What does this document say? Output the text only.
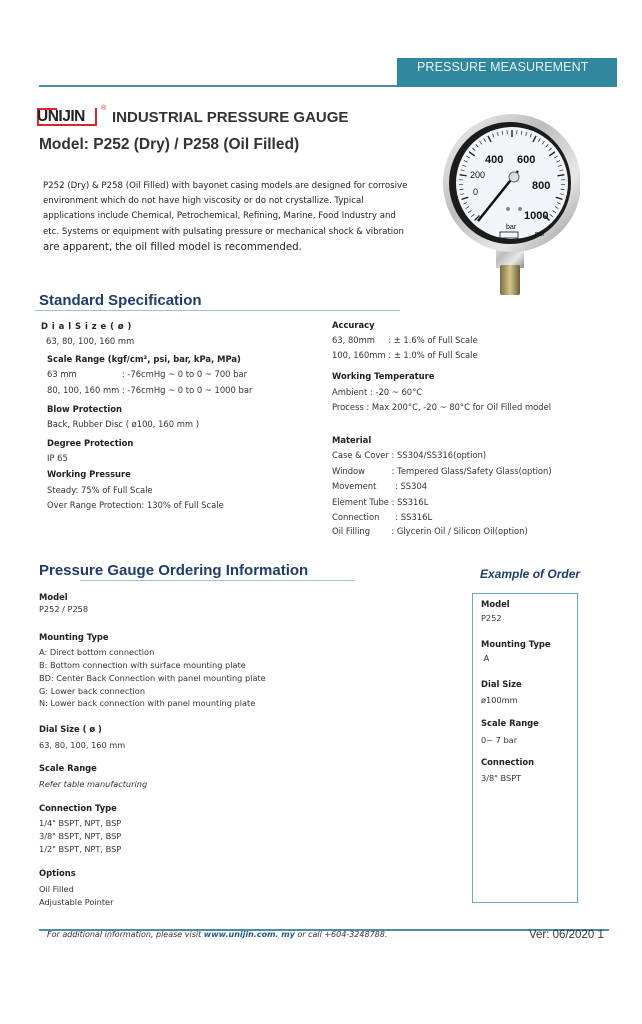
PRESSURE MEASUREMENT
UNIJIN ®
INDUSTRIAL PRESSURE GAUGE
Model: P252 (Dry) / P258 (Oil Filled)
P252 (Dry) & P258 (Oil Filled) with bayonet casing models are designed for corrosive
environment which do not have high viscosity or do not crystallize. Typical
applications include Chemical, Petrochemical, Refining, Marine, Food Industry and
etc. Systems or equipment with pulsating pressure or mechanical shock & vibration
are apparent, the oil filled model is recommended.
0
200
400 600
800
1000
bar
psi
Standard Specification
D i a l S i z e ( ø )
63, 80, 100, 160 mm
Scale Range (kgf/cm², psi, bar, kPa, MPa)
63 mm                 : -76cmHg ~ 0 to 0 ~ 700 bar
80, 100, 160 mm : -76cmHg ~ 0 to 0 ~ 1000 bar
Blow Protection
Back, Rubber Disc ( ø100, 160 mm )
Degree Protection
IP 65
Working Pressure
Steady: 75% of Full Scale
Over Range Protection: 130% of Full Scale
Accuracy
63, 80mm     : ± 1.6% of Full Scale
100, 160mm : ± 1.0% of Full Scale
Working Temperature
Ambient : -20 ~ 60°C
Process : Max 200°C, -20 ~ 80°C for Oil Filled model
Material
Case & Cover : SS304/SS316(option)
Window          : Tempered Glass/Safety Glass(option)
Movement       : SS304
Element Tube : SS316L
Connection      : SS316L
Oil Filling        : Glycerin Oil / Silicon Oil(option)
Pressure Gauge Ordering Information
Model
P252 / P258
Mounting Type
A: Direct bottom connection
B: Bottom connection with surface mounting plate
BD: Center Back Connection with panel mounting plate
G: Lower back connection
N: Lower back connection with panel mounting plate
Dial Size ( ø )
63, 80, 100, 160 mm
Scale Range
Refer table manufacturing
Connection Type
1/4" BSPT, NPT, BSP
3/8" BSPT, NPT, BSP
1/2" BSPT, NPT, BSP
Options
Oil Filled
Adjustable Pointer
Example of Order
Model
P252
Mounting Type
A
Dial Size
ø100mm
Scale Range
0~ 7 bar
Connection
3/8" BSPT
For additional information, please visit www.unijin.com. my or call +604-3248788.	Ver: 06/2020 1
